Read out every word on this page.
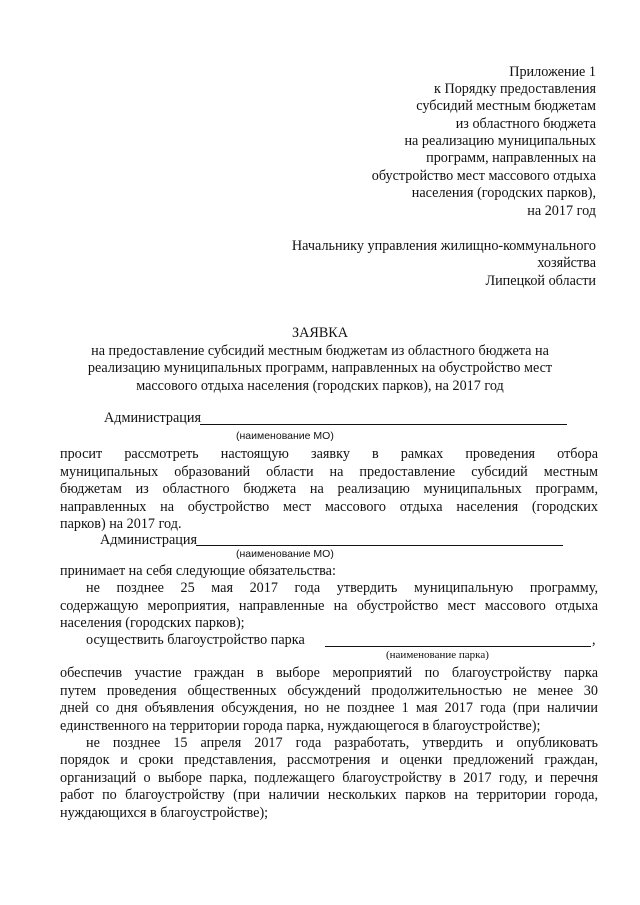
Приложение 1
к Порядку предоставления
субсидий местным бюджетам
из областного бюджета
на реализацию муниципальных
программ, направленных на
обустройство мест массового отдыха
населения (городских парков),
на 2017 год
Начальнику управления жилищно-коммунального
хозяйства
Липецкой области
ЗАЯВКА
на предоставление субсидий местным бюджетам из областного бюджета на
реализацию муниципальных программ, направленных на обустройство мест
массового отдыха населения (городских парков), на 2017 год
Администрация
(наименование МО)
просит рассмотреть настоящую заявку в рамках проведения отбора
муниципальных образований области на предоставление субсидий местным
бюджетам из областного бюджета на реализацию муниципальных программ,
направленных на обустройство мест массового отдыха населения (городских
парков) на 2017 год.
Администрация
(наименование МО)
принимает на себя следующие обязательства:
не позднее 25 мая 2017 года утвердить муниципальную программу,
содержащую мероприятия, направленные на обустройство мест массового отдыха
населения (городских парков);
осуществить благоустройство парка	,
(наименование парка)
обеспечив участие граждан в выборе мероприятий по благоустройству парка
путем проведения общественных обсуждений продолжительностью не менее 30
дней со дня объявления обсуждения, но не позднее 1 мая 2017 года (при наличии
единственного на территории города парка, нуждающегося в благоустройстве);
не позднее 15 апреля 2017 года разработать, утвердить и опубликовать
порядок и сроки представления, рассмотрения и оценки предложений граждан,
организаций о выборе парка, подлежащего благоустройству в 2017 году, и перечня
работ по благоустройству (при наличии нескольких парков на территории города,
нуждающихся в благоустройстве);
